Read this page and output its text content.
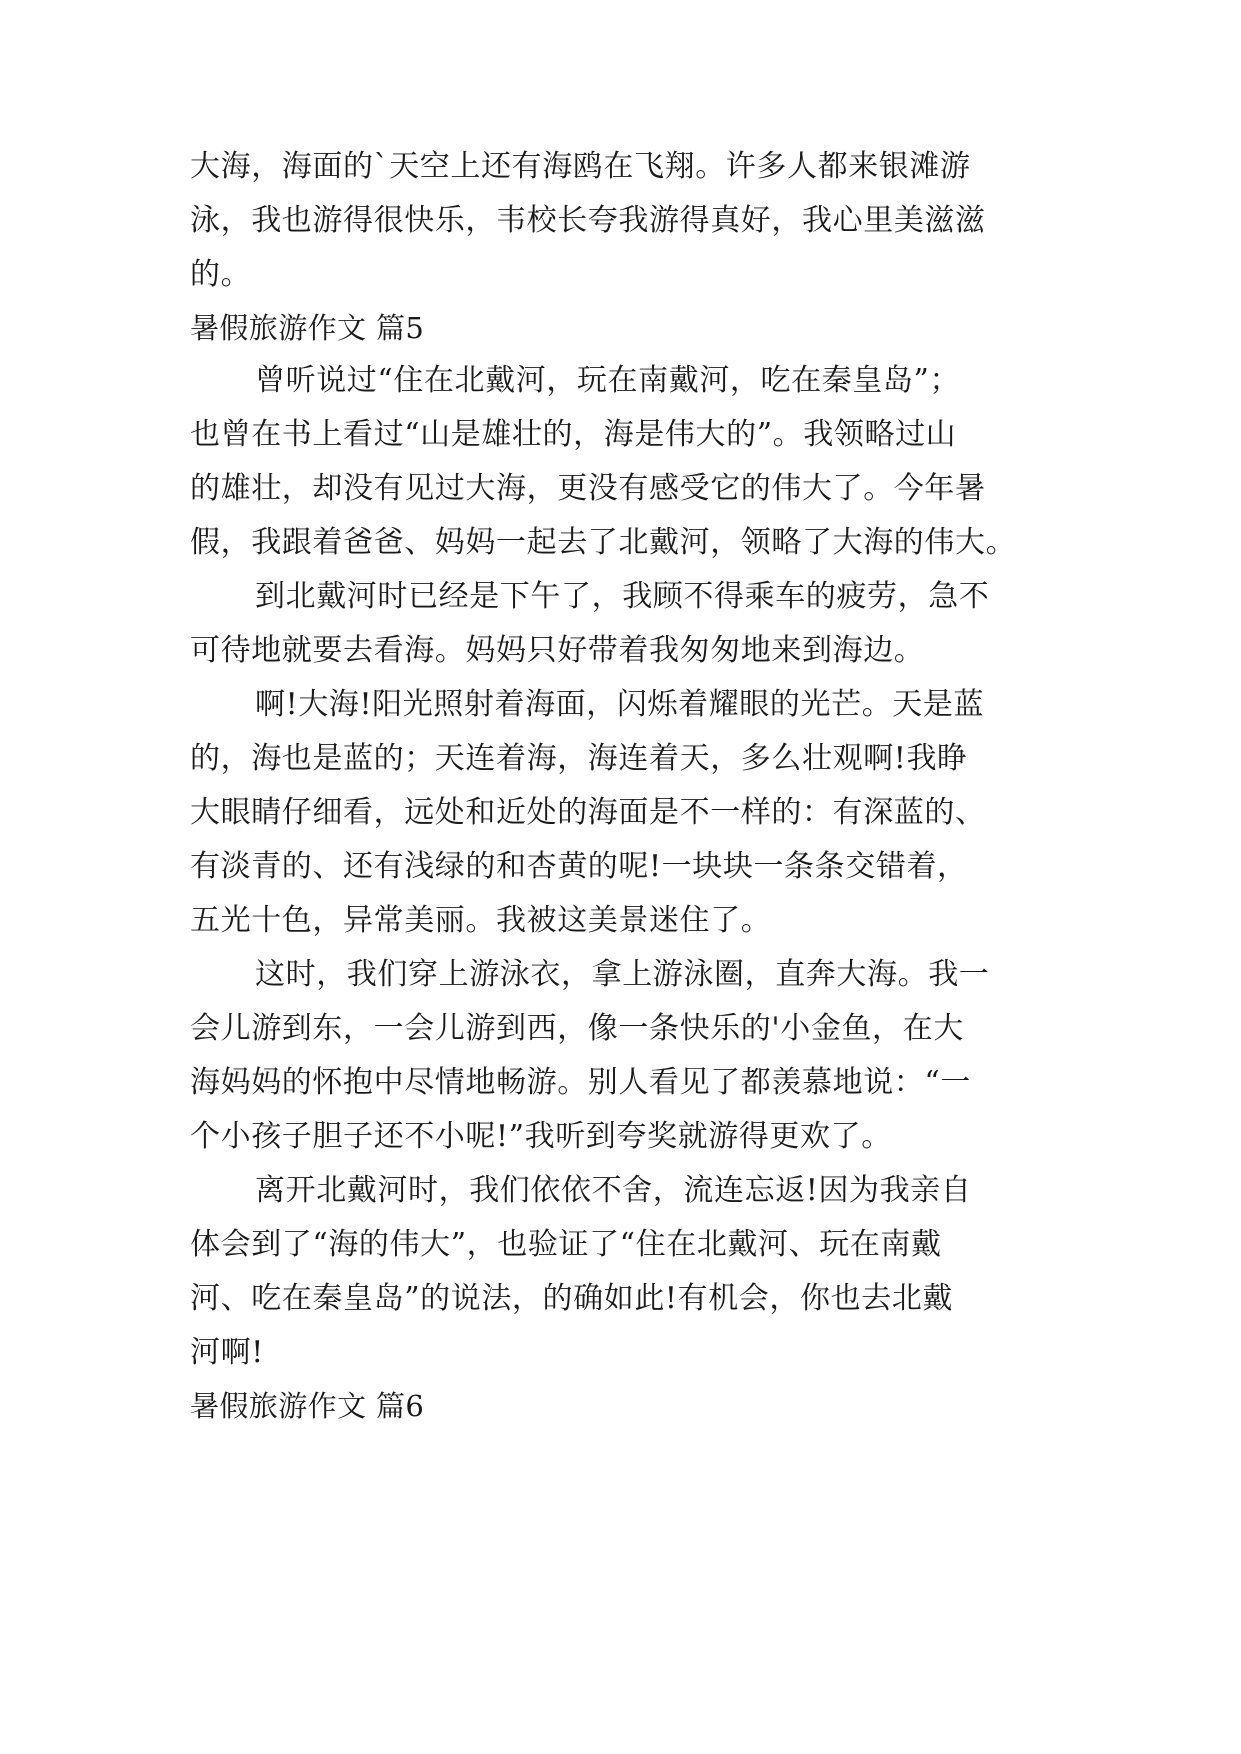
大海，海面的`天空上还有海鸥在飞翔。许多人都来银滩游
泳，我也游得很快乐，韦校长夸我游得真好，我心里美滋滋
的。
暑假旅游作文 篇5
曾听说过“住在北戴河，玩在南戴河，吃在秦皇岛”；
也曾在书上看过“山是雄壮的，海是伟大的”。我领略过山
的雄壮，却没有见过大海，更没有感受它的伟大了。今年暑
假，我跟着爸爸、妈妈一起去了北戴河，领略了大海的伟大。
到北戴河时已经是下午了，我顾不得乘车的疲劳，急不
可待地就要去看海。妈妈只好带着我匆匆地来到海边。
啊!大海!阳光照射着海面，闪烁着耀眼的光芒。天是蓝
的，海也是蓝的；天连着海，海连着天，多么壮观啊!我睁
大眼睛仔细看，远处和近处的海面是不一样的：有深蓝的、
有淡青的、还有浅绿的和杏黄的呢!一块块一条条交错着，
五光十色，异常美丽。我被这美景迷住了。
这时，我们穿上游泳衣，拿上游泳圈，直奔大海。我一
会儿游到东，一会儿游到西，像一条快乐的'小金鱼，在大
海妈妈的怀抱中尽情地畅游。别人看见了都羡慕地说：“一
个小孩子胆子还不小呢!”我听到夸奖就游得更欢了。
离开北戴河时，我们依依不舍，流连忘返!因为我亲自
体会到了“海的伟大”，也验证了“住在北戴河、玩在南戴
河、吃在秦皇岛”的说法，的确如此!有机会，你也去北戴
河啊!
暑假旅游作文 篇6
